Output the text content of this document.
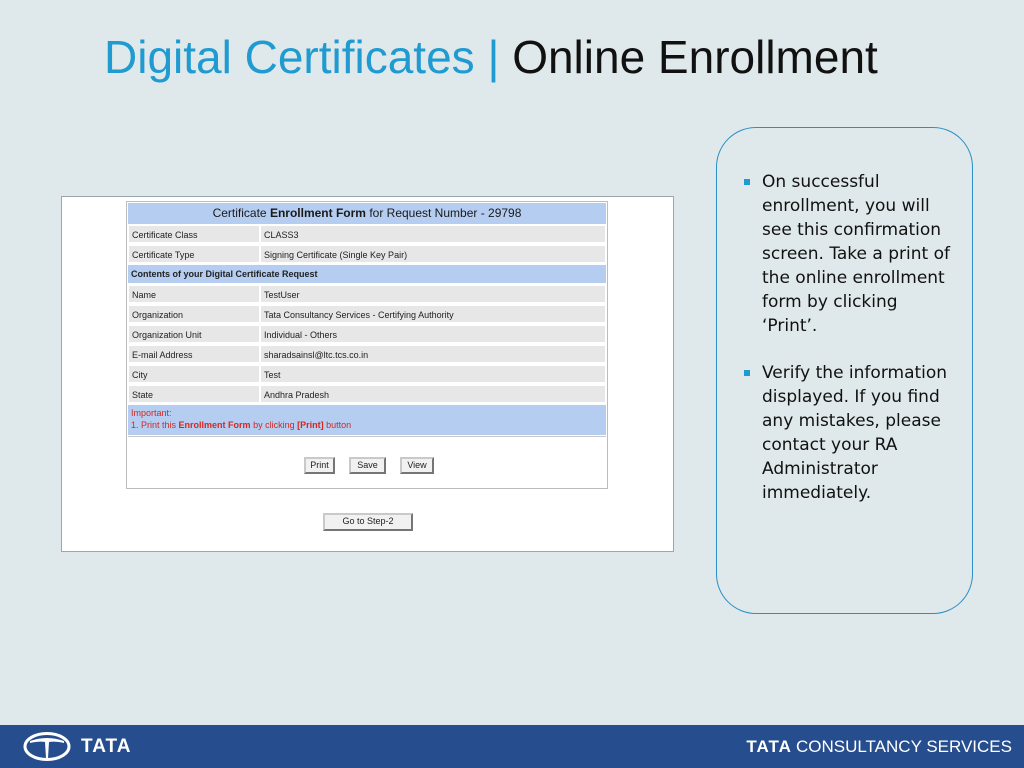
Digital Certificates | Online Enrollment
Certificate Enrollment Form for Request Number - 29798
Certificate Class	CLASS3
Certificate Type	Signing Certificate (Single Key Pair)
Contents of your Digital Certificate Request
Name	TestUser
Organization	Tata Consultancy Services - Certifying Authority
Organization Unit	Individual - Others
E-mail Address	sharadsainsl@ltc.tcs.co.in
City	Test
State	Andhra Pradesh
Important:
1. Print this Enrollment Form by clicking [Print] button
Print	Save	View
Go to Step-2
On successful enrollment, you will see this confirmation screen. Take a print of the online enrollment form by clicking ‘Print’.
Verify the information displayed. If you find any mistakes, please contact your RA Administrator immediately.
TATA	TATA CONSULTANCY SERVICES
